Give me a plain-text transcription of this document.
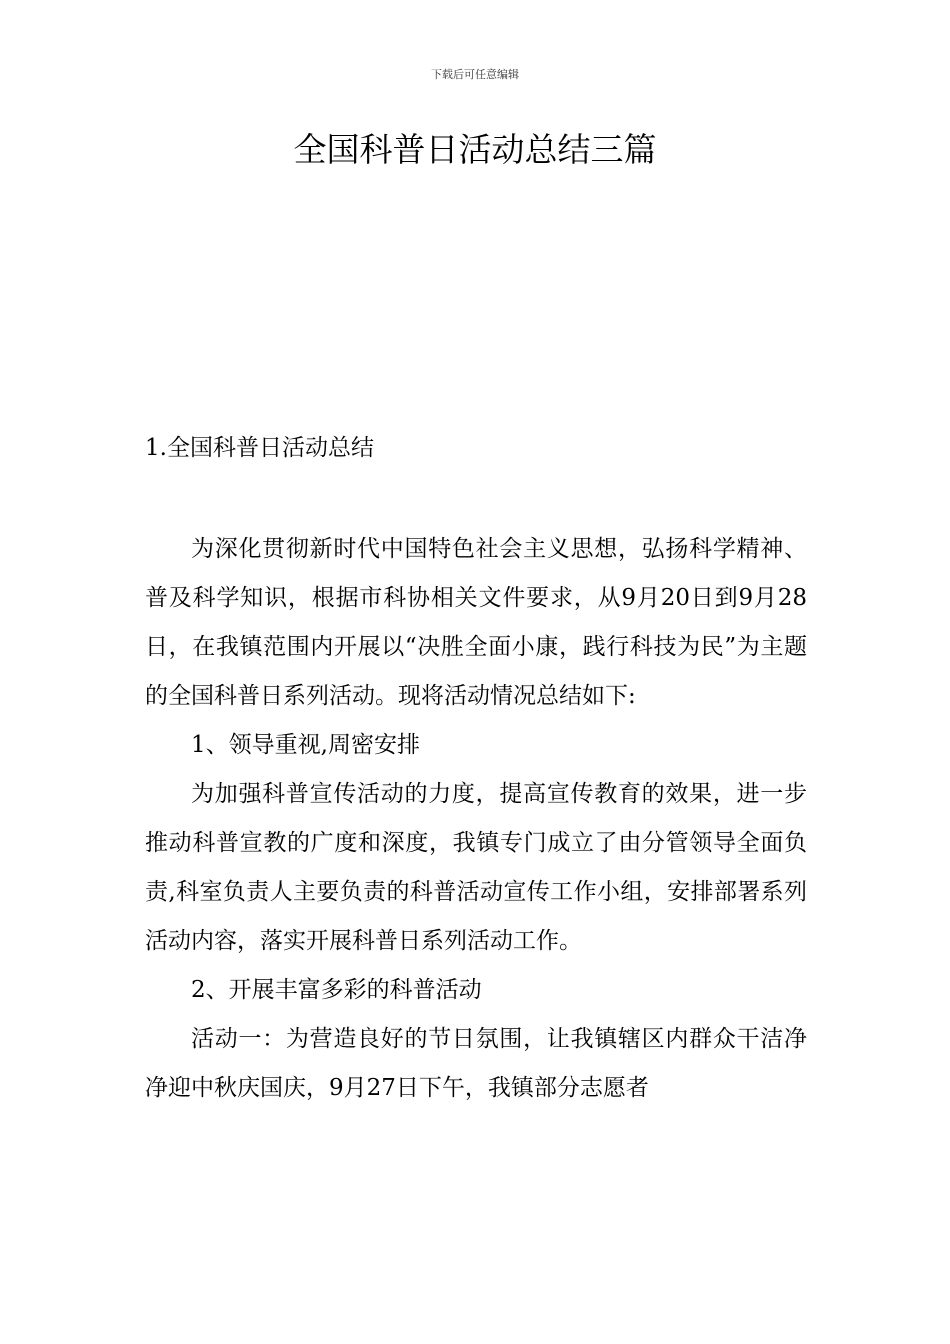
下载后可任意编辑
全国科普日活动总结三篇
1.全国科普日活动总结

为深化贯彻新时代中国特色社会主义思想，弘扬科学精神、普及科学知识，根据市科协相关文件要求，从9月20日到9月28日，在我镇范围内开展以“决胜全面小康，践行科技为民”为主题的全国科普日系列活动。现将活动情况总结如下:

1、领导重视,周密安排

为加强科普宣传活动的力度，提高宣传教育的效果，进一步推动科普宣教的广度和深度，我镇专门成立了由分管领导全面负责,科室负责人主要负责的科普活动宣传工作小组，安排部署系列活动内容，落实开展科普日系列活动工作。

2、开展丰富多彩的科普活动

活动一：为营造良好的节日氛围，让我镇辖区内群众干洁净净迎中秋庆国庆，9月27日下午，我镇部分志愿者
